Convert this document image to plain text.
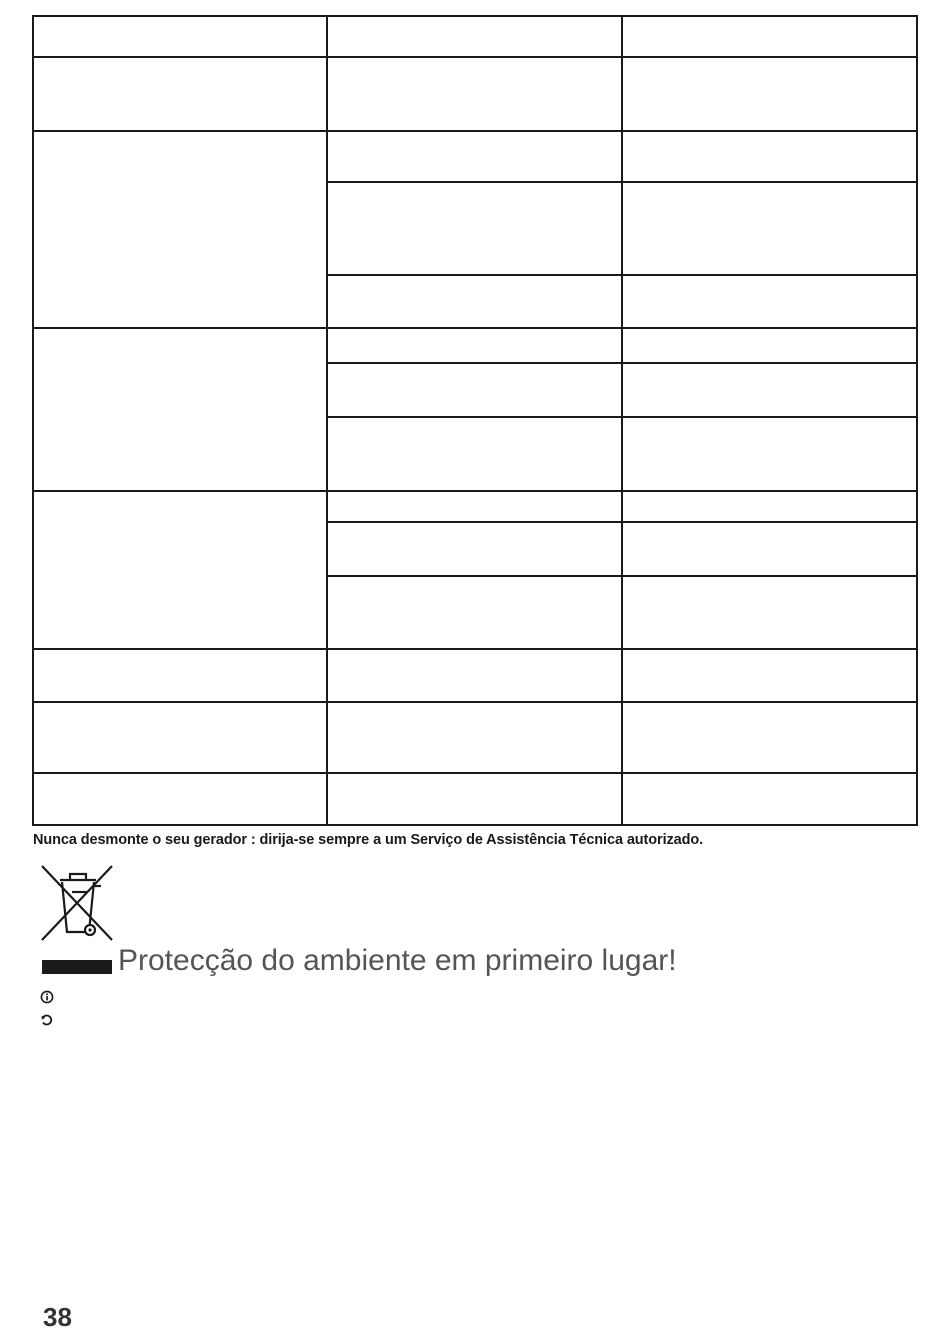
Nunca desmonte o seu gerador : dirija-se sempre a um Serviço de Assistência Técnica autorizado.
Protecção do ambiente em primeiro lugar!
38
